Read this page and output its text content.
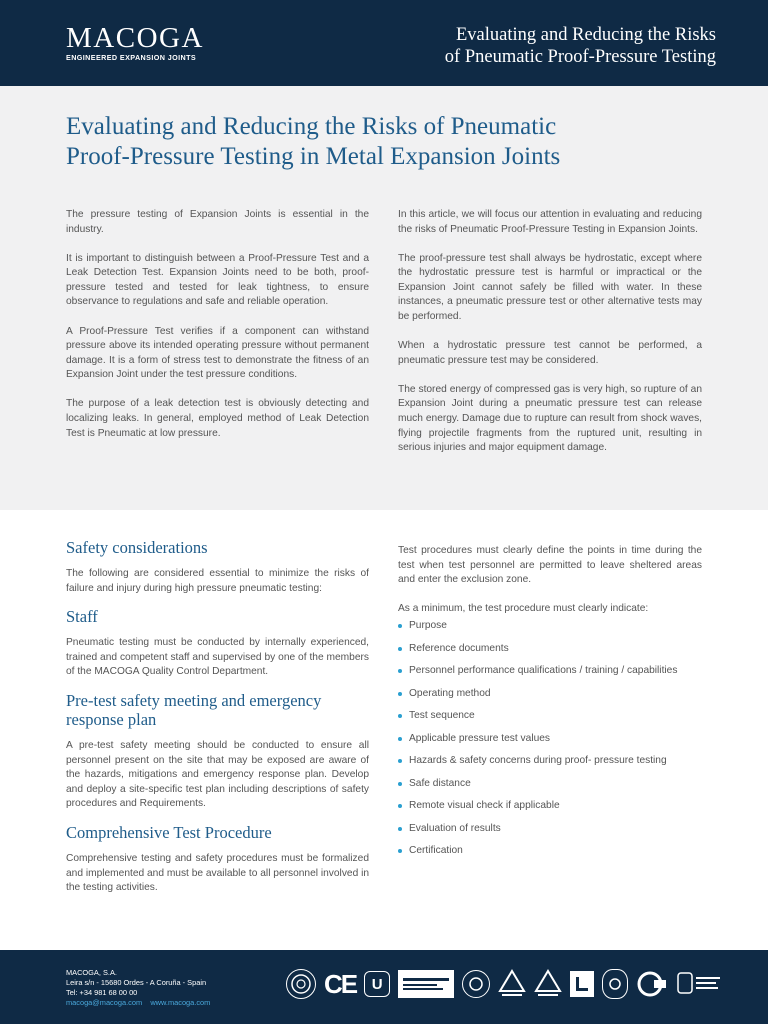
MACOGA
ENGINEERED EXPANSION JOINTS
Evaluating and Reducing the Risks
of Pneumatic Proof-Pressure Testing
Evaluating and Reducing the Risks of Pneumatic
Proof-Pressure Testing in Metal Expansion Joints

The pressure testing of Expansion Joints is essential in the industry.

It is important to distinguish between a Proof-Pressure Test and a Leak Detection Test. Expansion Joints need to be both, proof-pressure tested and tested for leak tightness, to ensure observance to regulations and safe and reliable operation.

A Proof-Pressure Test verifies if a component can withstand pressure above its intended operating pressure without permanent damage. It is a form of stress test to demonstrate the fitness of an Expansion Joint under the test pressure conditions.

The purpose of a leak detection test is obviously detecting and localizing leaks. In general, employed method of Leak Detection Test is Pneumatic at low pressure.

In this article, we will focus our attention in evaluating and reducing the risks of Pneumatic Proof-Pressure Testing in Expansion Joints.

The proof-pressure test shall always be hydrostatic, except where the hydrostatic pressure test is harmful or impractical or the Expansion Joint cannot safely be filled with water. In these instances, a pneumatic pressure test or other alternative tests may be performed.

When a hydrostatic pressure test cannot be performed, a pneumatic pressure test may be considered.

The stored energy of compressed gas is very high, so rupture of an Expansion Joint during a pneumatic pressure test can release much energy. Damage due to rupture can result from shock waves, flying projectile fragments from the ruptured unit, resulting in serious injuries and major equipment damage.

Safety considerations

The following are considered essential to minimize the risks of failure and injury during high pressure pneumatic testing:

Staff

Pneumatic testing must be conducted by internally experienced, trained and competent staff and supervised by one of the members of the MACOGA Quality Control Department.

Pre-test safety meeting and emergency response plan

A pre-test safety meeting should be conducted to ensure all personnel present on the site that may be exposed are aware of the hazards, mitigations and emergency response plan. Develop and deploy a site-specific test plan including descriptions of safety procedures and Requirements.

Comprehensive Test Procedure

Comprehensive testing and safety procedures must be formalized and implemented and must be available to all personnel involved in the testing activities.

Test procedures must clearly define the points in time during the test when test personnel are permitted to leave sheltered areas and enter the exclusion zone.

As a minimum, the test procedure must clearly indicate:

Purpose
Reference documents
Personnel performance qualifications / training / capabilities
Operating method
Test sequence
Applicable pressure test values
Hazards & safety concerns during proof- pressure testing
Safe distance
Remote visual check if applicable
Evaluation of results
Certification
MACOGA, S.A.
Leira s/n - 15680 Ordes - A Coruña - Spain
Tel: +34 981 68 00 00
macoga@macoga.com www.macoga.com
CE	U
